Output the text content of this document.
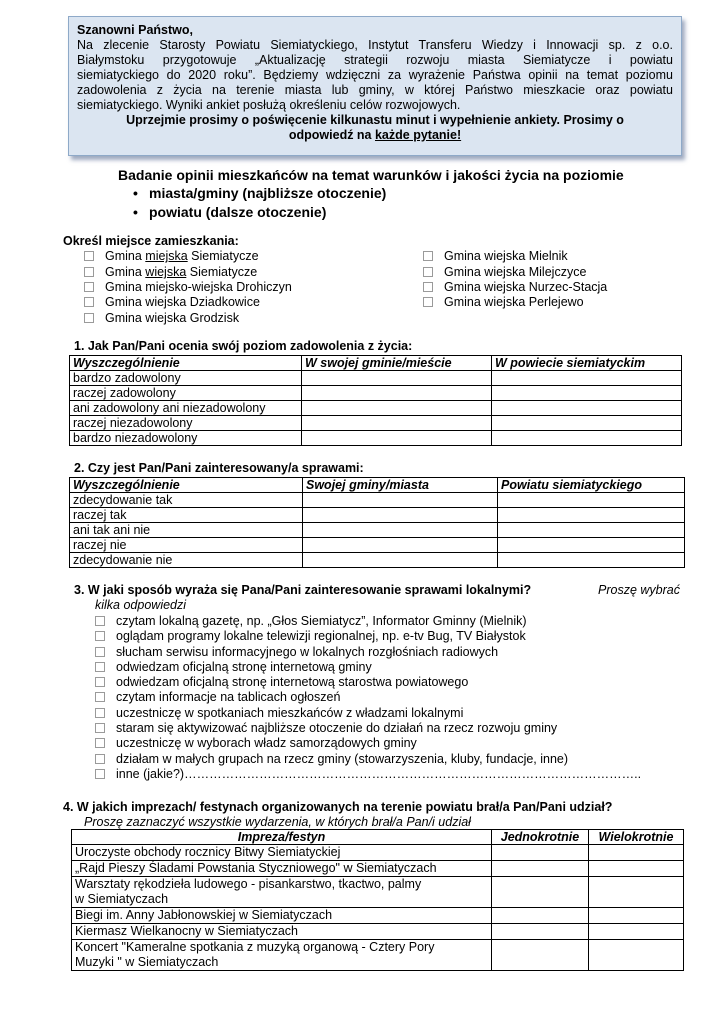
Szanowni Państwo,
Na zlecenie Starosty Powiatu Siemiatyckiego, Instytut Transferu Wiedzy i Innowacji sp. z o.o.
Białymstoku przygotowuje „Aktualizację strategii rozwoju miasta Siemiatycze i powiatu
siemiatyckiego do 2020 roku”. Będziemy wdzięczni za wyrażenie Państwa opinii na temat poziomu
zadowolenia z życia na terenie miasta lub gminy, w której Państwo mieszkacie oraz powiatu
siemiatyckiego. Wyniki ankiet posłużą określeniu celów rozwojowych.
Uprzejmie prosimy o poświęcenie kilkunastu minut i wypełnienie ankiety. Prosimy o
odpowiedź na każde pytanie!
Badanie opinii mieszkańców na temat warunków i jakości życia na poziomie
• miasta/gminy (najbliższe otoczenie)
• powiatu (dalsze otoczenie)
Określ miejsce zamieszkania:
Gmina miejska Siemiatycze
Gmina wiejska Siemiatycze
Gmina miejsko-wiejska Drohiczyn
Gmina wiejska Dziadkowice
Gmina wiejska Grodzisk
Gmina wiejska Mielnik
Gmina wiejska Milejczyce
Gmina wiejska Nurzec-Stacja
Gmina wiejska Perlejewo
1. Jak Pan/Pani ocenia swój poziom zadowolenia z życia:
Wyszczególnienie	W swojej gminie/mieście	W powiecie siemiatyckim
bardzo zadowolony		
raczej zadowolony		
ani zadowolony ani niezadowolony		
raczej niezadowolony		
bardzo niezadowolony		
2. Czy jest Pan/Pani zainteresowany/a sprawami:
Wyszczególnienie	Swojej gminy/miasta	Powiatu siemiatyckiego
zdecydowanie tak		
raczej tak		
ani tak ani nie		
raczej nie		
zdecydowanie nie		
3. W jaki sposób wyraża się Pana/Pani zainteresowanie sprawami lokalnymi?	Proszę wybrać
kilka odpowiedzi
czytam lokalną gazetę, np. „Głos Siemiatycz”, Informator Gminny (Mielnik)
oglądam programy lokalne telewizji regionalnej, np. e-tv Bug, TV Białystok
słucham serwisu informacyjnego w lokalnych rozgłośniach radiowych
odwiedzam oficjalną stronę internetową gminy
odwiedzam oficjalną stronę internetową starostwa powiatowego
czytam informacje na tablicach ogłoszeń
uczestniczę w spotkaniach mieszkańców z władzami lokalnymi
staram się aktywizować najbliższe otoczenie do działań na rzecz rozwoju gminy
uczestniczę w wyborach władz samorządowych gminy
działam w małych grupach na rzecz gminy (stowarzyszenia, kluby, fundacje, inne)
inne (jakie?)………………………………………………………………………………………………..
4. W jakich imprezach/ festynach organizowanych na terenie powiatu brał/a Pan/Pani udział?
Proszę zaznaczyć wszystkie wydarzenia, w których brał/a Pan/i udział
Impreza/festyn	Jednokrotnie	Wielokrotnie
Uroczyste obchody rocznicy Bitwy Siemiatyckiej		
„Rajd Pieszy Śladami Powstania Styczniowego" w Siemiatyczach		
Warsztaty rękodzieła ludowego - pisankarstwo, tkactwo, palmy w Siemiatyczach		
Biegi im. Anny Jabłonowskiej w Siemiatyczach		
Kiermasz Wielkanocny w Siemiatyczach		
Koncert "Kameralne spotkania z muzyką organową - Cztery Pory Muzyki " w Siemiatyczach		
